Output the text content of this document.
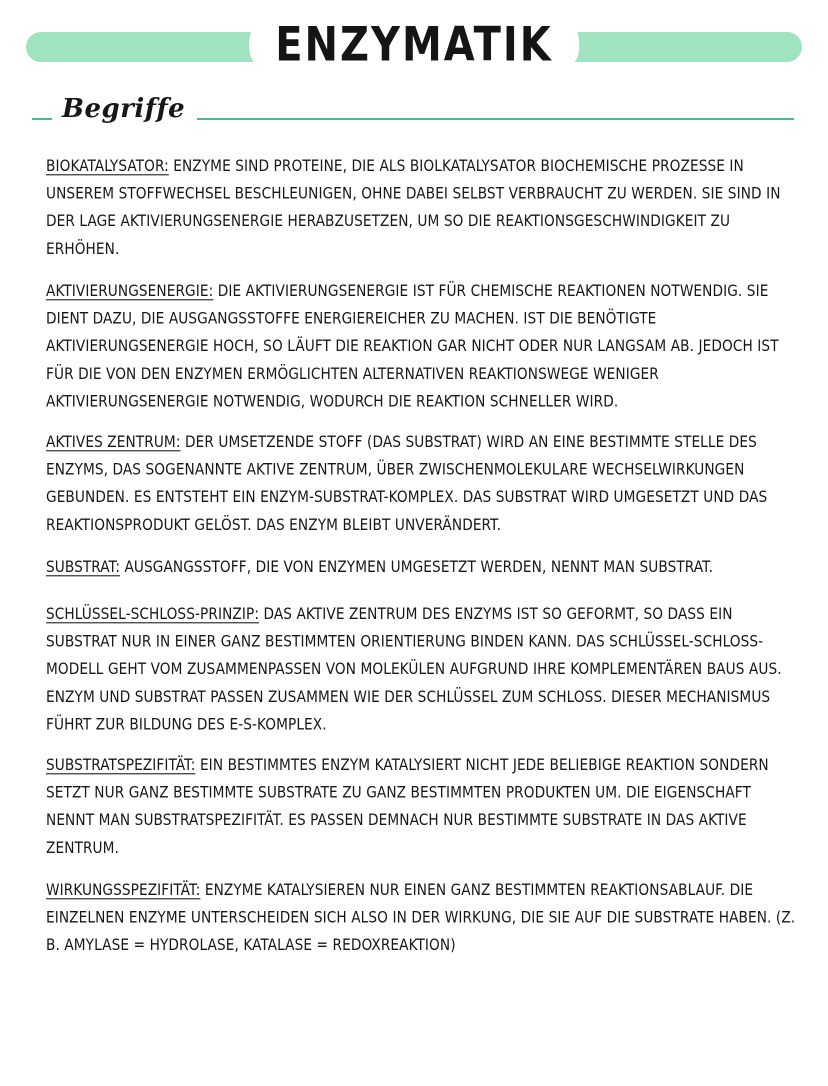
ENZYMATIK
Begriffe

BIOKATALYSATOR: ENZYME SIND PROTEINE, DIE ALS BIOLKATALYSATOR BIOCHEMISCHE PROZESSE IN UNSEREM STOFFWECHSEL BESCHLEUNIGEN, OHNE DABEI SELBST VERBRAUCHT ZU WERDEN. SIE SIND IN DER LAGE AKTIVIERUNGSENERGIE HERABZUSETZEN, UM SO DIE REAKTIONSGESCHWINDIGKEIT ZU ERHÖHEN.

AKTIVIERUNGSENERGIE: DIE AKTIVIERUNGSENERGIE IST FÜR CHEMISCHE REAKTIONEN NOTWENDIG. SIE DIENT DAZU, DIE AUSGANGSSTOFFE ENERGIEREICHER ZU MACHEN. IST DIE BENÖTIGTE AKTIVIERUNGSENERGIE HOCH, SO LÄUFT DIE REAKTION GAR NICHT ODER NUR LANGSAM AB. JEDOCH IST FÜR DIE VON DEN ENZYMEN ERMÖGLICHTEN ALTERNATIVEN REAKTIONSWEGE WENIGER AKTIVIERUNGSENERGIE NOTWENDIG, WODURCH DIE REAKTION SCHNELLER WIRD.

AKTIVES ZENTRUM: DER UMSETZENDE STOFF (DAS SUBSTRAT) WIRD AN EINE BESTIMMTE STELLE DES ENZYMS, DAS SOGENANNTE AKTIVE ZENTRUM, ÜBER ZWISCHENMOLEKULARE WECHSELWIRKUNGEN GEBUNDEN. ES ENTSTEHT EIN ENZYM-SUBSTRAT-KOMPLEX. DAS SUBSTRAT WIRD UMGESETZT UND DAS REAKTIONSPRODUKT GELÖST. DAS ENZYM BLEIBT UNVERÄNDERT.

SUBSTRAT: AUSGANGSSTOFF, DIE VON ENZYMEN UMGESETZT WERDEN, NENNT MAN SUBSTRAT.

SCHLÜSSEL-SCHLOSS-PRINZIP: DAS AKTIVE ZENTRUM DES ENZYMS IST SO GEFORMT, SO DASS EIN SUBSTRAT NUR IN EINER GANZ BESTIMMTEN ORIENTIERUNG BINDEN KANN. DAS SCHLÜSSEL-SCHLOSS-MODELL GEHT VOM ZUSAMMENPASSEN VON MOLEKÜLEN AUFGRUND IHRE KOMPLEMENTÄREN BAUS AUS. ENZYM UND SUBSTRAT PASSEN ZUSAMMEN WIE DER SCHLÜSSEL ZUM SCHLOSS. DIESER MECHANISMUS FÜHRT ZUR BILDUNG DES E-S-KOMPLEX.

SUBSTRATSPEZIFITÄT: EIN BESTIMMTES ENZYM KATALYSIERT NICHT JEDE BELIEBIGE REAKTION SONDERN SETZT NUR GANZ BESTIMMTE SUBSTRATE ZU GANZ BESTIMMTEN PRODUKTEN UM. DIE EIGENSCHAFT NENNT MAN SUBSTRATSPEZIFITÄT. ES PASSEN DEMNACH NUR BESTIMMTE SUBSTRATE IN DAS AKTIVE ZENTRUM.

WIRKUNGSSPEZIFITÄT: ENZYME KATALYSIEREN NUR EINEN GANZ BESTIMMTEN REAKTIONSABLAUF. DIE EINZELNEN ENZYME UNTERSCHEIDEN SICH ALSO IN DER WIRKUNG, DIE SIE AUF DIE SUBSTRATE HABEN. (Z. B. AMYLASE = HYDROLASE, KATALASE = REDOXREAKTION)
